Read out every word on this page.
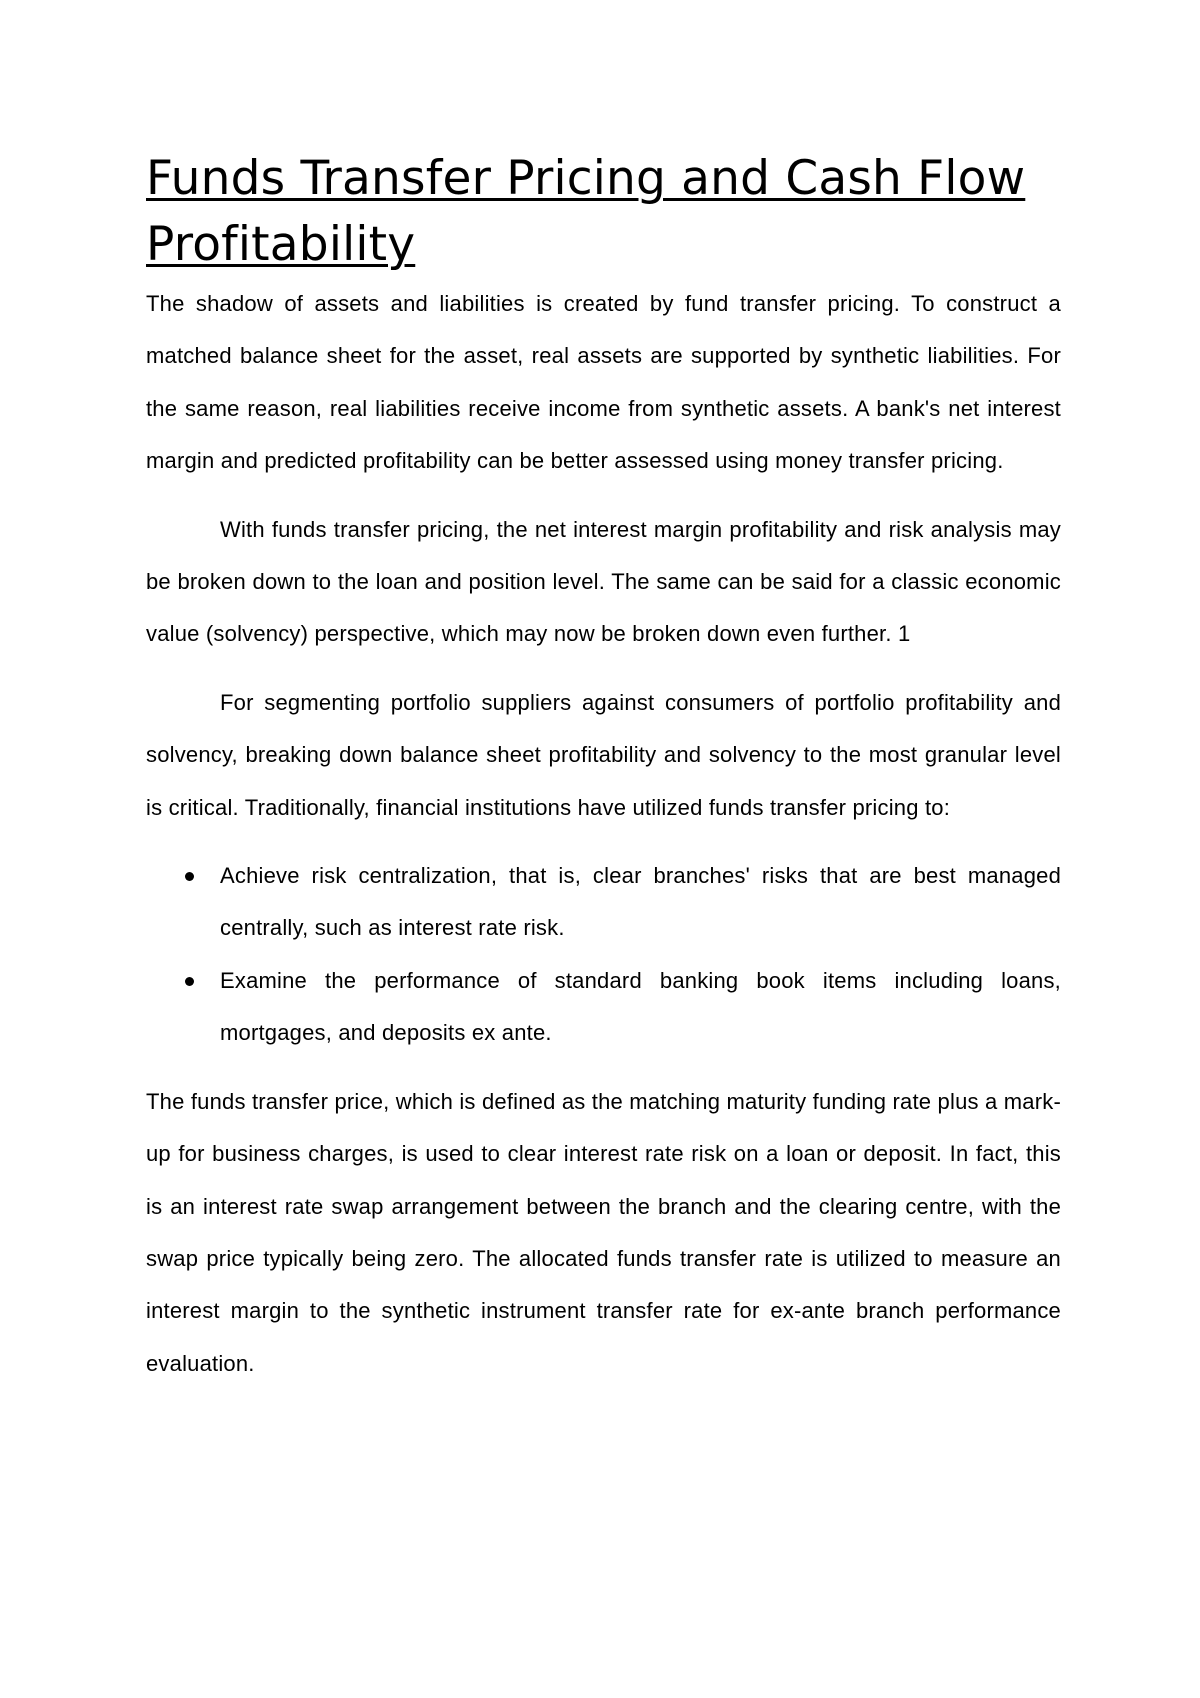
Funds Transfer Pricing and Cash Flow Profitability

The shadow of assets and liabilities is created by fund transfer pricing. To construct a matched balance sheet for the asset, real assets are supported by synthetic liabilities. For the same reason, real liabilities receive income from synthetic assets. A bank's net interest margin and predicted profitability can be better assessed using money transfer pricing.

With funds transfer pricing, the net interest margin profitability and risk analysis may be broken down to the loan and position level. The same can be said for a classic economic value (solvency) perspective, which may now be broken down even further. 1

For segmenting portfolio suppliers against consumers of portfolio profitability and solvency, breaking down balance sheet profitability and solvency to the most granular level is critical. Traditionally, financial institutions have utilized funds transfer pricing to:

Achieve risk centralization, that is, clear branches' risks that are best managed centrally, such as interest rate risk.
Examine the performance of standard banking book items including loans, mortgages, and deposits ex ante.

The funds transfer price, which is defined as the matching maturity funding rate plus a mark-up for business charges, is used to clear interest rate risk on a loan or deposit. In fact, this is an interest rate swap arrangement between the branch and the clearing centre, with the swap price typically being zero. The allocated funds transfer rate is utilized to measure an interest margin to the synthetic instrument transfer rate for ex-ante branch performance evaluation.
